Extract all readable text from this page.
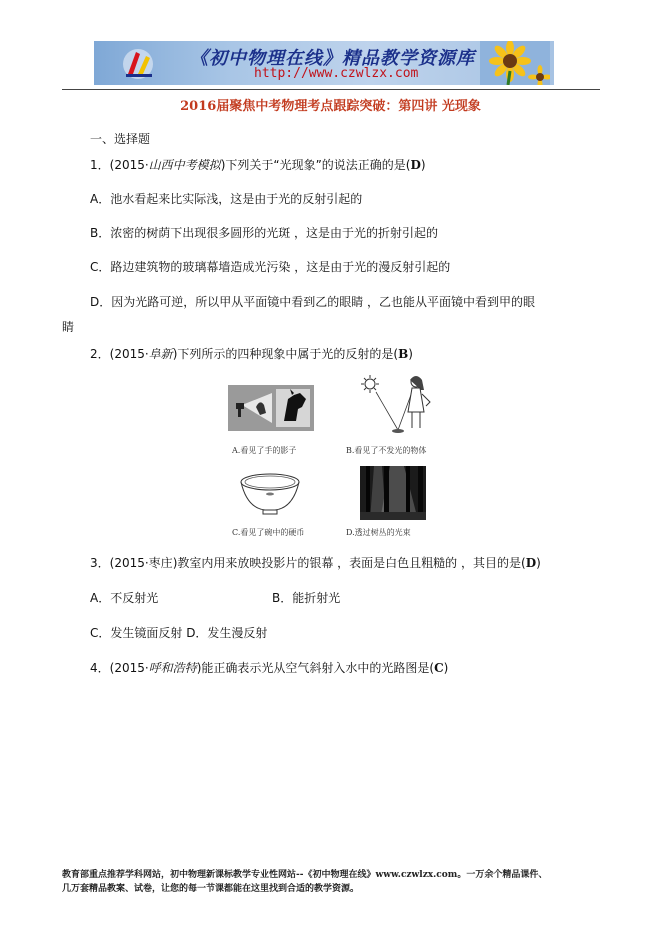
《初中物理在线》精品教学资源库
http://www.czwlzx.com
2016届聚焦中考物理考点跟踪突破：第四讲 光现象
一、选择题
1．(2015·山西中考模拟)下列关于“光现象”的说法正确的是(D)
A．池水看起来比实际浅，这是由于光的反射引起的
B．浓密的树荫下出现很多圆形的光斑 ，这是由于光的折射引起的
C．路边建筑物的玻璃幕墙造成光污染 ，这是由于光的漫反射引起的
D．因为光路可逆，所以甲从平面镜中看到乙的眼睛 ，乙也能从平面镜中看到甲的眼
睛
2．(2015·阜新)下列所示的四种现象中属于光的反射的是(B)
A.看见了手的影子	B.看见了不发光的物体
C.看见了碗中的硬币	D.透过树丛的光束
3．(2015·枣庄)教室内用来放映投影片的银幕 ，表面是白色且粗糙的 ，其目的是(D)
A．不反射光	B．能折射光
C．发生镜面反射 D．发生漫反射
4．(2015·呼和浩特)能正确表示光从空气斜射入水中的光路图是(C)
教育部重点推荐学科网站，初中物理新课标教学专业性网站--《初中物理在线》www.czwlzx.com。一万余个精品课件、
几万套精品教案、试卷，让您的每一节课都能在这里找到合适的教学资源。
